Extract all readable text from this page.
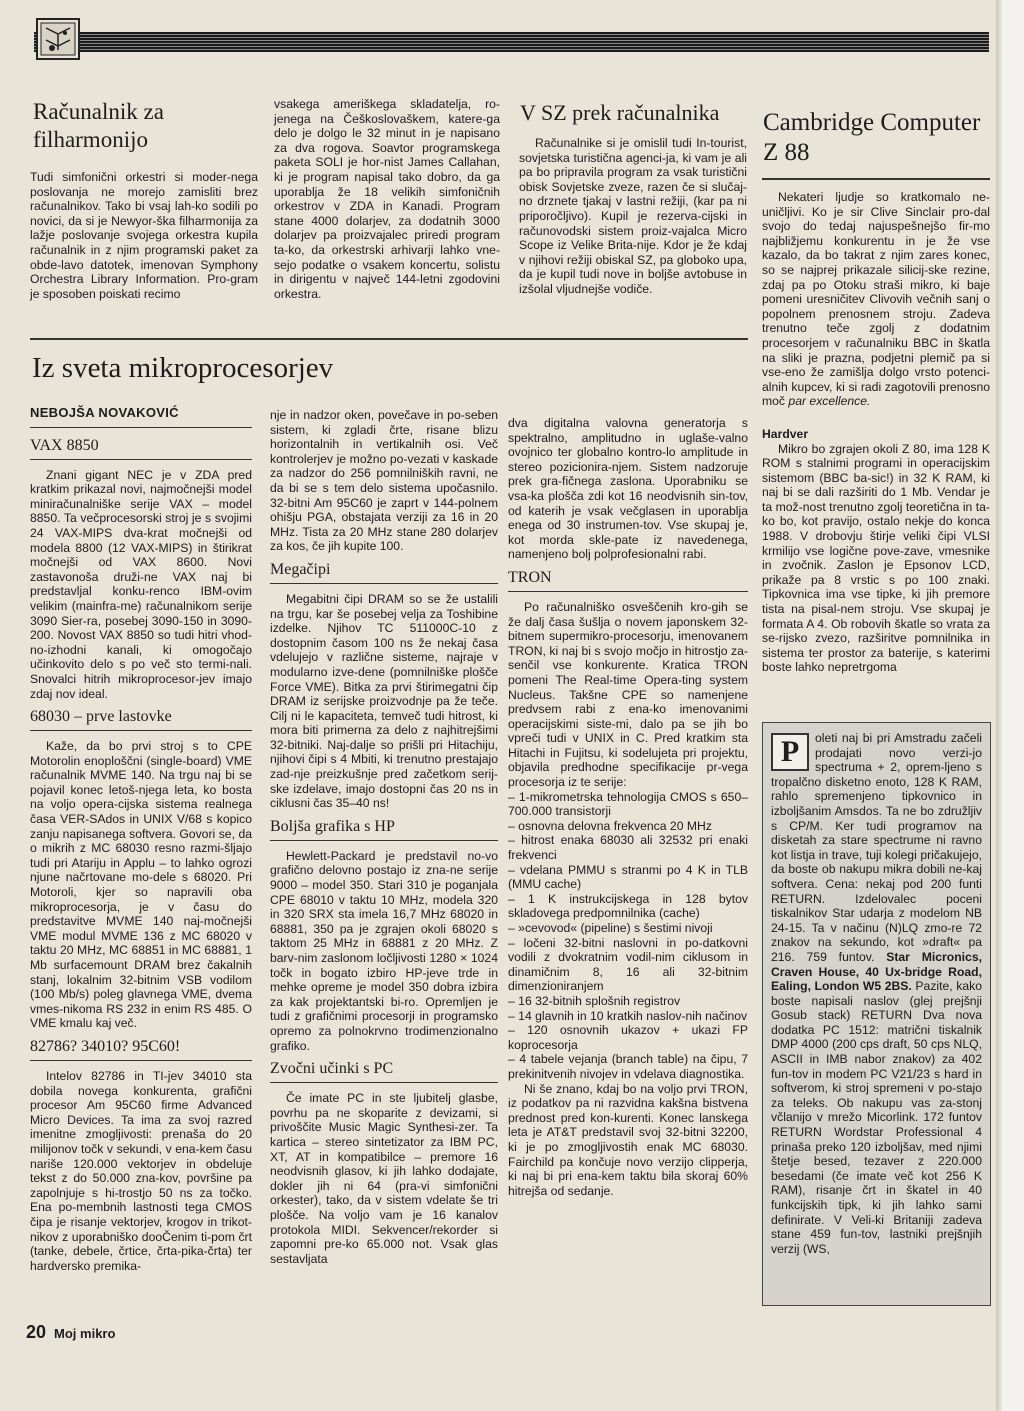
Računalnik za filharmonijo

Tudi simfonični orkestri si moder-nega poslovanja ne morejo zamisliti brez računalnikov. Tako bi vsaj lah-ko sodili po novici, da si je Newyor-ška filharmonija za lažje poslovanje svojega orkestra kupila računalnik in z njim programski paket za obde-lavo datotek, imenovan Symphony Orchestra Library Information. Pro-gram je sposoben poiskati recimo

vsakega ameriškega skladatelja, ro-jenega na Češkoslovaškem, katere-ga delo je dolgo le 32 minut in je napisano za dva rogova. Soavtor programskega paketa SOLI je hor-nist James Callahan, ki je program napisal tako dobro, da ga uporablja že 18 velikih simfoničnih orkestrov v ZDA in Kanadi. Program stane 4000 dolarjev, za dodatnih 3000 dolarjev pa proizvajalec priredi program ta-ko, da orkestrski arhivarji lahko vne-sejo podatke o vsakem koncertu, solistu in dirigentu v največ 144-letni zgodovini orkestra.

V SZ prek računalnika

Računalnike si je omislil tudi In-tourist, sovjetska turistična agenci-ja, ki vam je ali pa bo pripravila program za vsak turistični obisk Sovjetske zveze, razen če si slučaj-no drznete tjakaj v lastni režiji, (kar pa ni priporočljivo). Kupil je rezerva-cijski in računovodski sistem proiz-vajalca Micro Scope iz Velike Brita-nije. Kdor je že kdaj v njihovi režiji obiskal SZ, pa globoko upa, da je kupil tudi nove in boljše avtobuse in izšolal vljudnejše vodiče.

Cambridge Computer Z 88

Nekateri ljudje so kratkomalo ne-uničljivi. Ko je sir Clive Sinclair pro-dal svojo do tedaj najuspešnejšo fir-mo najbližjemu konkurentu in je že vse kazalo, da bo takrat z njim zares konec, so se najprej prikazale silicij-ske rezine, zdaj pa po Otoku straši mikro, ki baje pomeni uresničitev Clivovih večnih sanj o popolnem prenosnem stroju. Zadeva trenutno teče zgolj z dodatnim procesorjem v računalniku BBC in škatla na sliki je prazna, podjetni plemič pa si vse-eno že zamišlja dolgo vrsto potenci-alnih kupcev, ki si radi zagotovili prenosno moč par excellence.

Hardver

Mikro bo zgrajen okoli Z 80, ima 128 K ROM s stalnimi programi in operacijskim sistemom (BBC ba-sic!) in 32 K RAM, ki naj bi se dali razširiti do 1 Mb. Vendar je ta mož-nost trenutno zgolj teoretična in ta-ko bo, kot pravijo, ostalo nekje do konca 1988. V drobovju štirje veliki čipi VLSI krmilijo vse logične pove-zave, vmesnike in zvočnik. Zaslon je Epsonov LCD, prikaže pa 8 vrstic s po 100 znaki. Tipkovnica ima vse tipke, ki jih premore tista na pisal-nem stroju. Vse skupaj je formata A 4. Ob robovih škatle so vrata za se-rijsko zvezo, razširitve pomnilnika in sistema ter prostor za baterije, s katerimi boste lahko nepretrgoma

Iz sveta mikroprocesorjev
NEBOJŠA NOVAKOVIĆ
VAX 8850

Znani gigant NEC je v ZDA pred kratkim prikazal novi, najmočnejši model miniračunalniške serije VAX – model 8850. Ta večprocesorski stroj je s svojimi 24 VAX-MIPS dva-krat močnejši od modela 8800 (12 VAX-MIPS) in štirikrat močnejši od VAX 8600. Novi zastavonoša druži-ne VAX naj bi predstavljal konku-renco IBM-ovim velikim (mainfra-me) računalnikom serije 3090 Sier-ra, posebej 3090-150 in 3090-200. Novost VAX 8850 so tudi hitri vhod-no-izhodni kanali, ki omogočajo učinkovito delo s po več sto termi-nali. Snovalci hitrih mikroprocesor-jev imajo zdaj nov ideal.

68030 – prve lastovke

Kaže, da bo prvi stroj s to CPE Motorolin enoploščni (single-board) VME računalnik MVME 140. Na trgu naj bi se pojavil konec letoš-njega leta, ko bosta na voljo opera-cijska sistema realnega časa VER-SAdos in UNIX V/68 s kopico zanju napisanega softvera. Govori se, da o mikrih z MC 68030 resno razmi-šljajo tudi pri Atariju in Applu – to lahko ogrozi njune načrtovane mo-dele s 68020. Pri Motoroli, kjer so napravili oba mikroprocesorja, je v času do predstavitve MVME 140 naj-močnejši VME modul MVME 136 z MC 68020 v taktu 20 MHz, MC 68851 in MC 68881, 1 Mb surfacemount DRAM brez čakalnih stanj, lokalnim 32-bitnim VSB vodilom (100 Mb/s) poleg glavnega VME, dvema vmes-nikoma RS 232 in enim RS 485. O VME kmalu kaj več.

82786? 34010? 95C60!

Intelov 82786 in TI-jev 34010 sta dobila novega konkurenta, grafični procesor Am 95C60 firme Advanced Micro Devices. Ta ima za svoj razred imenitne zmogljivosti: prenaša do 20 milijonov točk v sekundi, v ena-kem času nariše 120.000 vektorjev in obdeluje tekst z do 50.000 zna-kov, površine pa zapolnjuje s hi-trostjo 50 ns za točko. Ena po-membnih lastnosti tega CMOS čipa je risanje vektorjev, krogov in trikot-nikov z uporabniško dooČenim ti-pom črt (tanke, debele, črtice, črta-pika-črta) ter hardversko premika-

nje in nadzor oken, povečave in po-seben sistem, ki zgladi črte, risane blizu horizontalnih in vertikalnih osi. Več kontrolerjev je možno po-vezati v kaskade za nadzor do 256 pomnilniških ravni, ne da bi se s tem delo sistema upočasnilo. 32-bitni Am 95C60 je zaprt v 144-polnem ohišju PGA, obstajata verziji za 16 in 20 MHz. Tista za 20 MHz stane 280 dolarjev za kos, če jih kupite 100.

Megačipi

Megabitni čipi DRAM so se že ustalili na trgu, kar še posebej velja za Toshibine izdelke. Njihov TC 511000C-10 z dostopnim časom 100 ns že nekaj časa vdelujejo v različne sisteme, najraje v modularno izve-dene (pomnilniške plošče Force VME). Bitka za prvi štirimegatni čip DRAM iz serijske proizvodnje pa že teče. Cilj ni le kapaciteta, temveč tudi hitrost, ki mora biti primerna za delo z najhitrejšimi 32-bitniki. Naj-dalje so prišli pri Hitachiju, njihovi čipi s 4 Mbiti, ki trenutno prestajajo zad-nje preizkušnje pred začetkom serij-ske izdelave, imajo dostopni čas 20 ns in ciklusni čas 35–40 ns!

Boljša grafika s HP

Hewlett-Packard je predstavil no-vo grafično delovno postajo iz zna-ne serije 9000 – model 350. Stari 310 je poganjala CPE 68010 v taktu 10 MHz, modela 320 in 320 SRX sta imela 16,7 MHz 68020 in 68881, 350 pa je zgrajen okoli 68020 s taktom 25 MHz in 68881 z 20 MHz. Z barv-nim zaslonom ločljivosti 1280 × 1024 točk in bogato izbiro HP-jeve trde in mehke opreme je model 350 dobra izbira za kak projektantski bi-ro. Opremljen je tudi z grafičnimi procesorji in programsko opremo za polnokrvno trodimenzionalno grafiko.

Zvočni učinki s PC

Če imate PC in ste ljubitelj glasbe, povrhu pa ne skoparite z devizami, si privoščite Music Magic Synthesi-zer. Ta kartica – stereo sintetizator za IBM PC, XT, AT in kompatibilce – premore 16 neodvisnih glasov, ki jih lahko dodajate, dokler jih ni 64 (pra-vi simfonični orkester), tako, da v sistem vdelate še tri plošče. Na voljo vam je 16 kanalov protokola MIDI. Sekvencer/rekorder si zapomni pre-ko 65.000 not. Vsak glas sestavljata

dva digitalna valovna generatorja s spektralno, amplitudno in uglaše-valno ovojnico ter globalno kontro-lo amplitude in stereo pozicionira-njem. Sistem nadzoruje prek gra-fičnega zaslona. Uporabniku se vsa-ka plošča zdi kot 16 neodvisnih sin-tov, od katerih je vsak večglasen in uporablja enega od 30 instrumen-tov. Vse skupaj je, kot morda skle-pate iz navedenega, namenjeno bolj polprofesionalni rabi.

TRON

Po računalniško osveščenih kro-gih se že dalj časa šušlja o novem japonskem 32-bitnem supermikro-procesorju, imenovanem TRON, ki naj bi s svojo močjo in hitrostjo za-senčil vse konkurente. Kratica TRON pomeni The Real-time Opera-ting system Nucleus. Takšne CPE so namenjene predvsem rabi z ena-ko imenovanimi operacijskimi siste-mi, dalo pa se jih bo vpreči tudi v UNIX in C. Pred kratkim sta Hitachi in Fujitsu, ki sodelujeta pri projektu, objavila predhodne specifikacije pr-vega procesorja iz te serije:

– 1-mikrometrska tehnologija CMOS s 650–700.000 transistorji

– osnovna delovna frekvenca 20 MHz

– hitrost enaka 68030 ali 32532 pri enaki frekvenci

– vdelana PMMU s stranmi po 4 K in TLB (MMU cache)

– 1 K instrukcijskega in 128 bytov skladovega predpomnilnika (cache)

– »cevovod« (pipeline) s šestimi nivoji

– ločeni 32-bitni naslovni in po-datkovni vodili z dvokratnim vodil-nim ciklusom in dinamičnim 8, 16 ali 32-bitnim dimenzioniranjem

– 16 32-bitnih splošnih registrov

– 14 glavnih in 10 kratkih naslov-nih načinov

– 120 osnovnih ukazov + ukazi FP koprocesorja

– 4 tabele vejanja (branch table) na čipu, 7 prekinitvenih nivojev in vdelava diagnostika.

Ni še znano, kdaj bo na voljo prvi TRON, iz podatkov pa ni razvidna kakšna bistvena prednost pred kon-kurenti. Konec lanskega leta je AT&T predstavil svoj 32-bitni 32200, ki je po zmogljivostih enak MC 68030. Fairchild pa končuje novo verzijo clipperja, ki naj bi pri ena-kem taktu bila skoraj 60% hitrejša od sedanje.

P	oleti naj bi pri Amstradu začeli prodajati novo verzi-jo spectruma + 2, oprem-ljeno s tropalčno disketno enoto, 128 K RAM, rahlo spremenjeno tipkovnico in izboljšanim Amsdos. Ta ne bo združljiv s CP/M. Ker tudi programov na disketah za stare spectrume ni ravno kot listja in trave, tuji kolegi pričakujejo, da boste ob nakupu mikra dobili ne-kaj softvera. Cena: nekaj pod 200 funti RETURN. Izdelovalec poceni tiskalnikov Star udarja z modelom NB 24-15. Ta v načinu (N)LQ zmo-re 72 znakov na sekundo, kot »draft« pa 216. 759 funtov. Star Micronics, Craven House, 40 Ux-bridge Road, Ealing, London W5 2BS. Pazite, kako boste napisali naslov (glej prejšnji Gosub stack) RETURN Dva nova dodatka PC 1512: matrični tiskalnik DMP 4000 (200 cps draft, 50 cps NLQ, ASCII in IMB nabor znakov) za 402 fun-tov in modem PC V21/23 s hard in softverom, ki stroj spremeni v po-stajo za teleks. Ob nakupu vas za-stonj včlanijo v mrežo Micorlink. 172 funtov RETURN Wordstar Professional 4 prinaša preko 120 izboljšav, med njimi štetje besed, tezaver z 220.000 besedami (če imate več kot 256 K RAM), risanje črt in škatel in 40 funkcijskih tipk, ki jih lahko sami definirate. V Veli-ki Britaniji zadeva stane 459 fun-tov, lastniki prejšnjih verzij (WS,
20 Moj mikro
